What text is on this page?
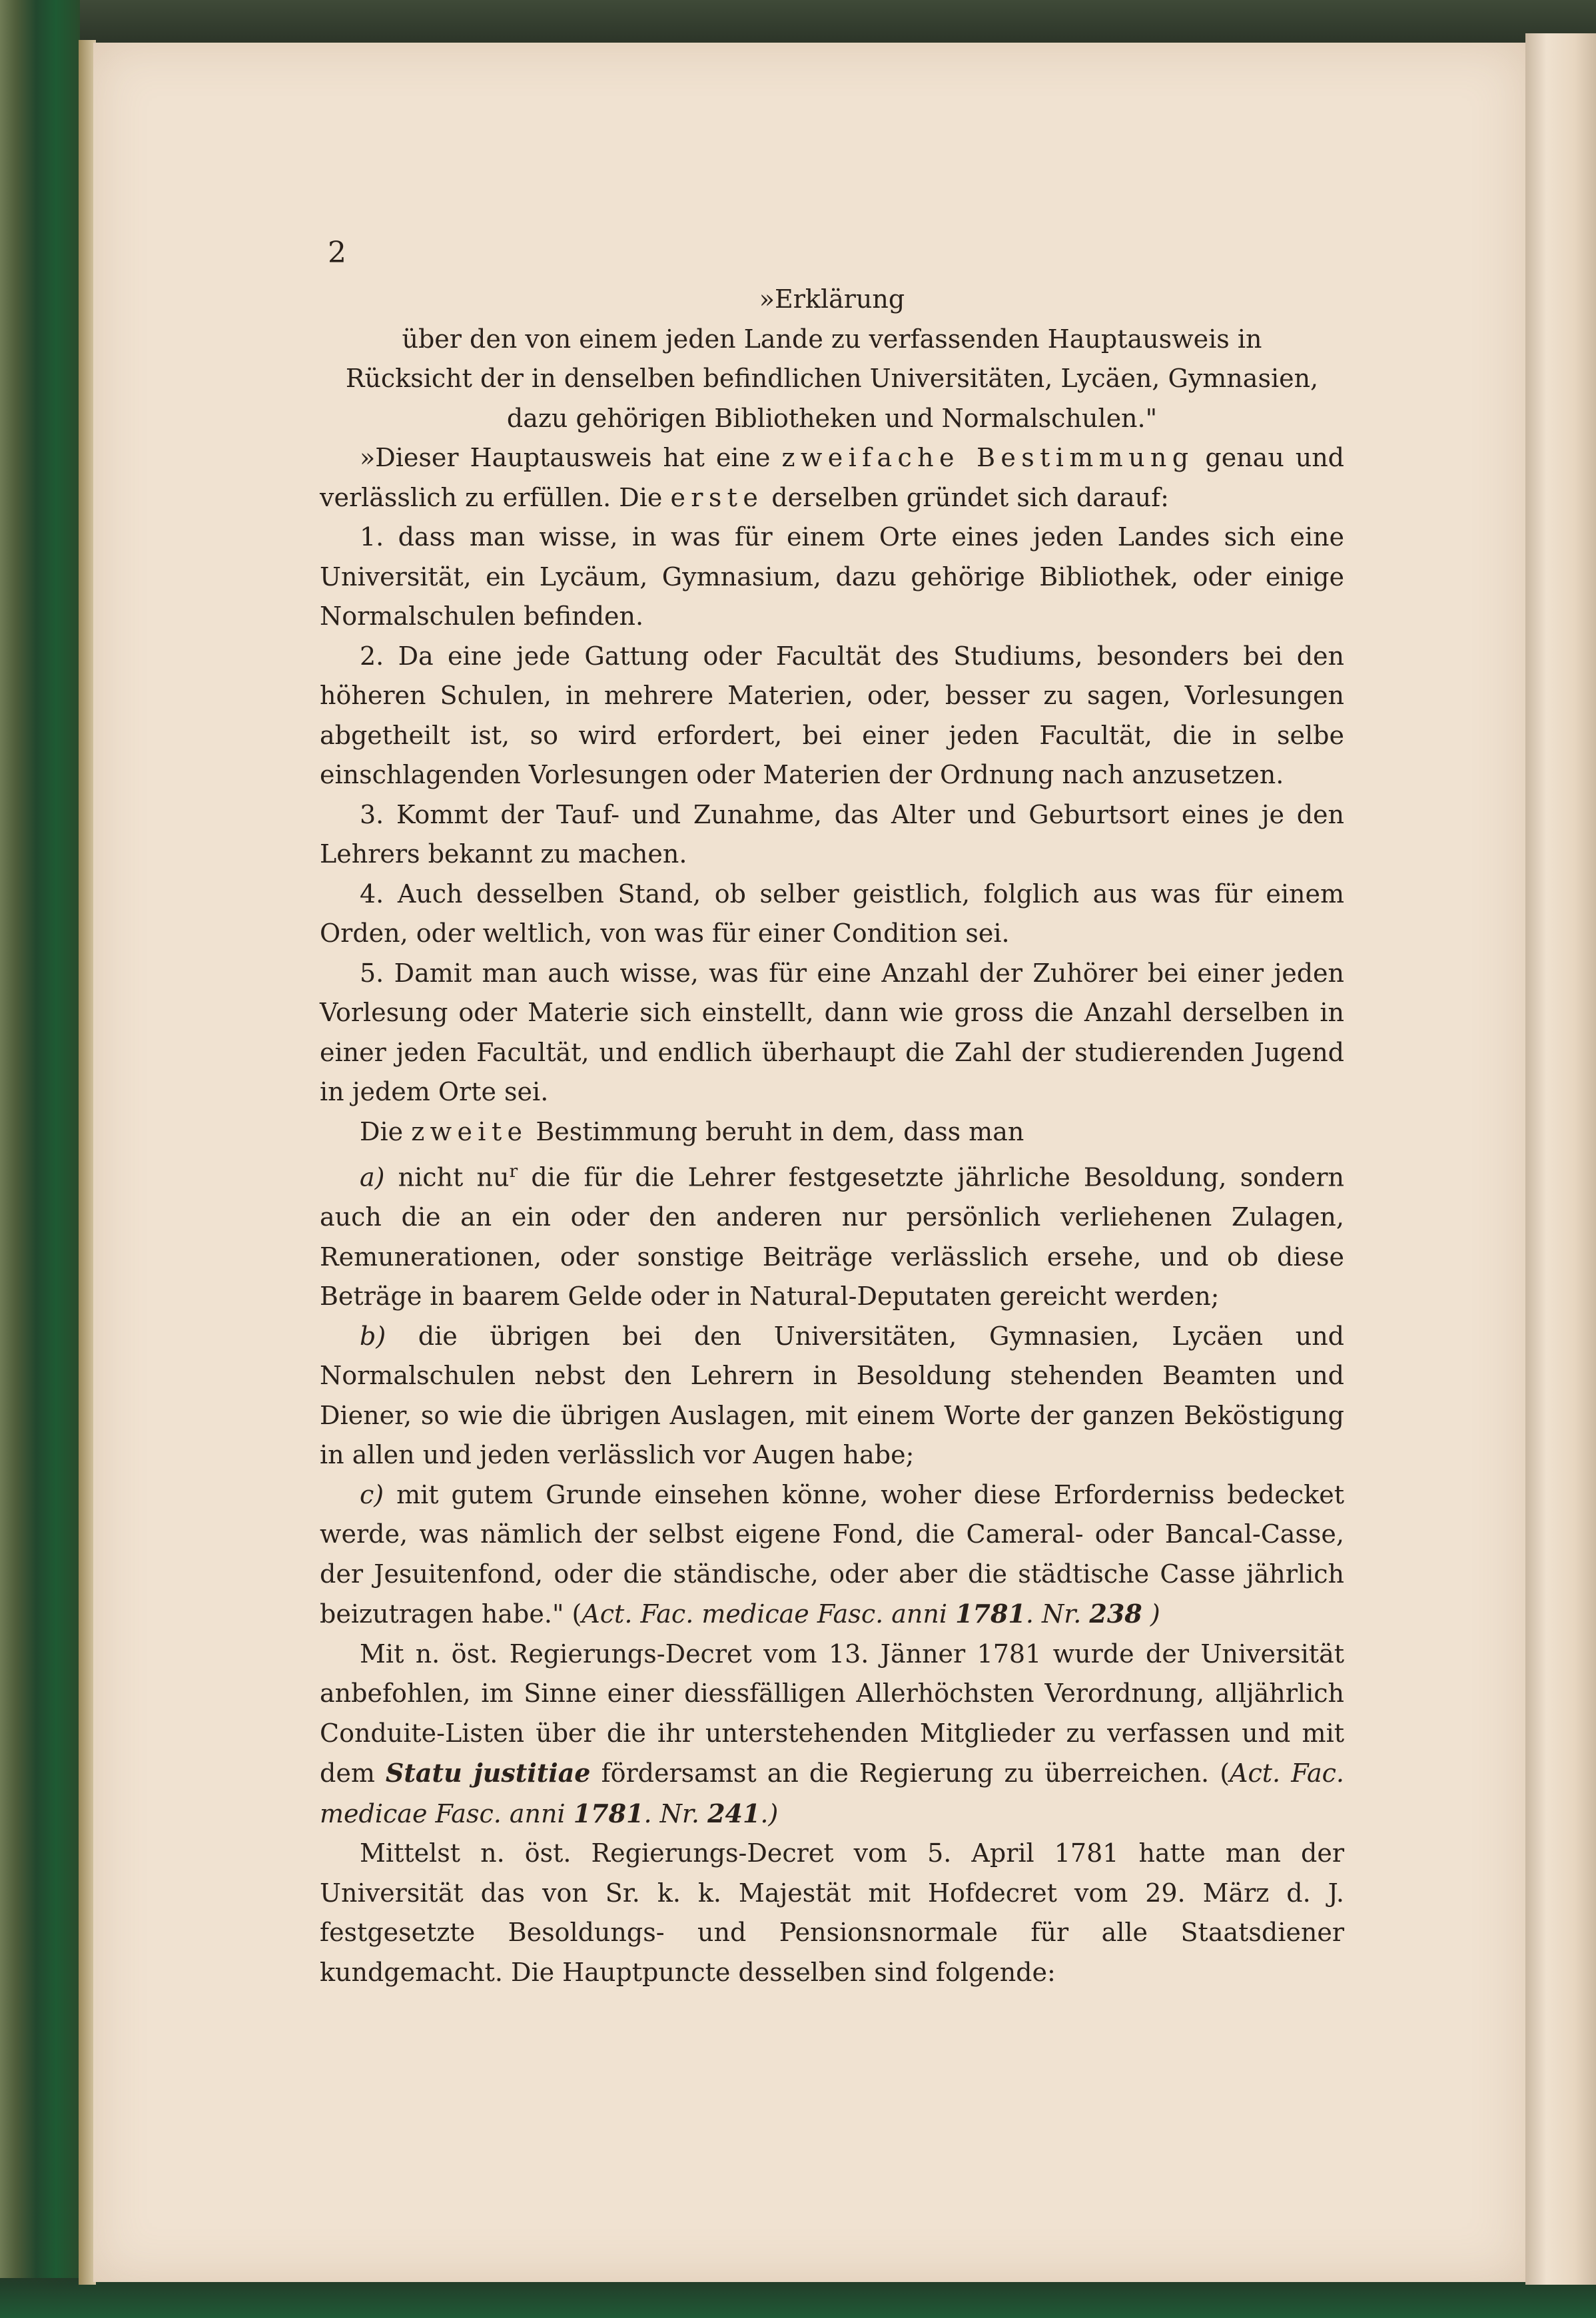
2

»Erklärung

über den von einem jeden Lande zu verfassenden Hauptausweis in Rücksicht der in denselben befindlichen Universitäten, Lycäen, Gymnasien, dazu gehörigen Bibliotheken und Normalschulen."

»Dieser Hauptausweis hat eine zweifache Bestimmung genau und verlässlich zu erfüllen. Die erste derselben gründet sich darauf:

1. dass man wisse, in was für einem Orte eines jeden Landes sich eine Universität, ein Lycäum, Gymnasium, dazu gehörige Bibliothek, oder einige Normalschulen befinden.

2. Da eine jede Gattung oder Facultät des Studiums, besonders bei den höheren Schulen, in mehrere Materien, oder, besser zu sagen, Vorlesungen abgetheilt ist, so wird erfordert, bei einer jeden Facultät, die in selbe einschlagenden Vorlesungen oder Materien der Ordnung nach anzusetzen.

3. Kommt der Tauf- und Zunahme, das Alter und Geburtsort eines je den Lehrers bekannt zu machen.

4. Auch desselben Stand, ob selber geistlich, folglich aus was für einem Orden, oder weltlich, von was für einer Condition sei.

5. Damit man auch wisse, was für eine Anzahl der Zuhörer bei einer jeden Vorlesung oder Materie sich einstellt, dann wie gross die Anzahl derselben in einer jeden Facultät, und endlich überhaupt die Zahl der studierenden Jugend in jedem Orte sei.

Die zweite Bestimmung beruht in dem, dass man

a) nicht $nu^r$ die für die Lehrer festgesetzte jährliche Besoldung, sondern auch die an ein oder den anderen nur persönlich verliehenen Zulagen, Remunerationen, oder sonstige Beiträge verlässlich ersehe, und ob diese Beträge in baarem Gelde oder in Natural-Deputaten gereicht werden;

b) die übrigen bei den Universitäten, Gymnasien, Lycäen und Normalschulen nebst den Lehrern in Besoldung stehenden Beamten und Diener, so wie die übrigen Auslagen, mit einem Worte der ganzen Beköstigung in allen und jeden verlässlich vor Augen habe;

c) mit gutem Grunde einsehen könne, woher diese Erforderniss bedecket werde, was nämlich der selbst eigene Fond, die Cameral- oder Bancal-Casse, der Jesuitenfond, oder die ständische, oder aber die städtische Casse jährlich beizutragen habe." (Act. Fac. medicae Fasc. anni 1781. Nr. 238 )

Mit n. öst. Regierungs-Decret vom 13. Jänner 1781 wurde der Universität anbefohlen, im Sinne einer diessfälligen Allerhöchsten Verordnung, alljährlich Conduite-Listen über die ihr unterstehenden Mitglieder zu verfassen und mit dem Statu justitiae fördersamst an die Regierung zu überreichen. (Act. Fac. medicae Fasc. anni 1781. Nr. 241.)

Mittelst n. öst. Regierungs-Decret vom 5. April 1781 hatte man der Universität das von Sr. k. k. Majestät mit Hofdecret vom 29. März d. J. festgesetzte Besoldungs- und Pensionsnormale für alle Staatsdiener kundgemacht. Die Hauptpuncte desselben sind folgende:
